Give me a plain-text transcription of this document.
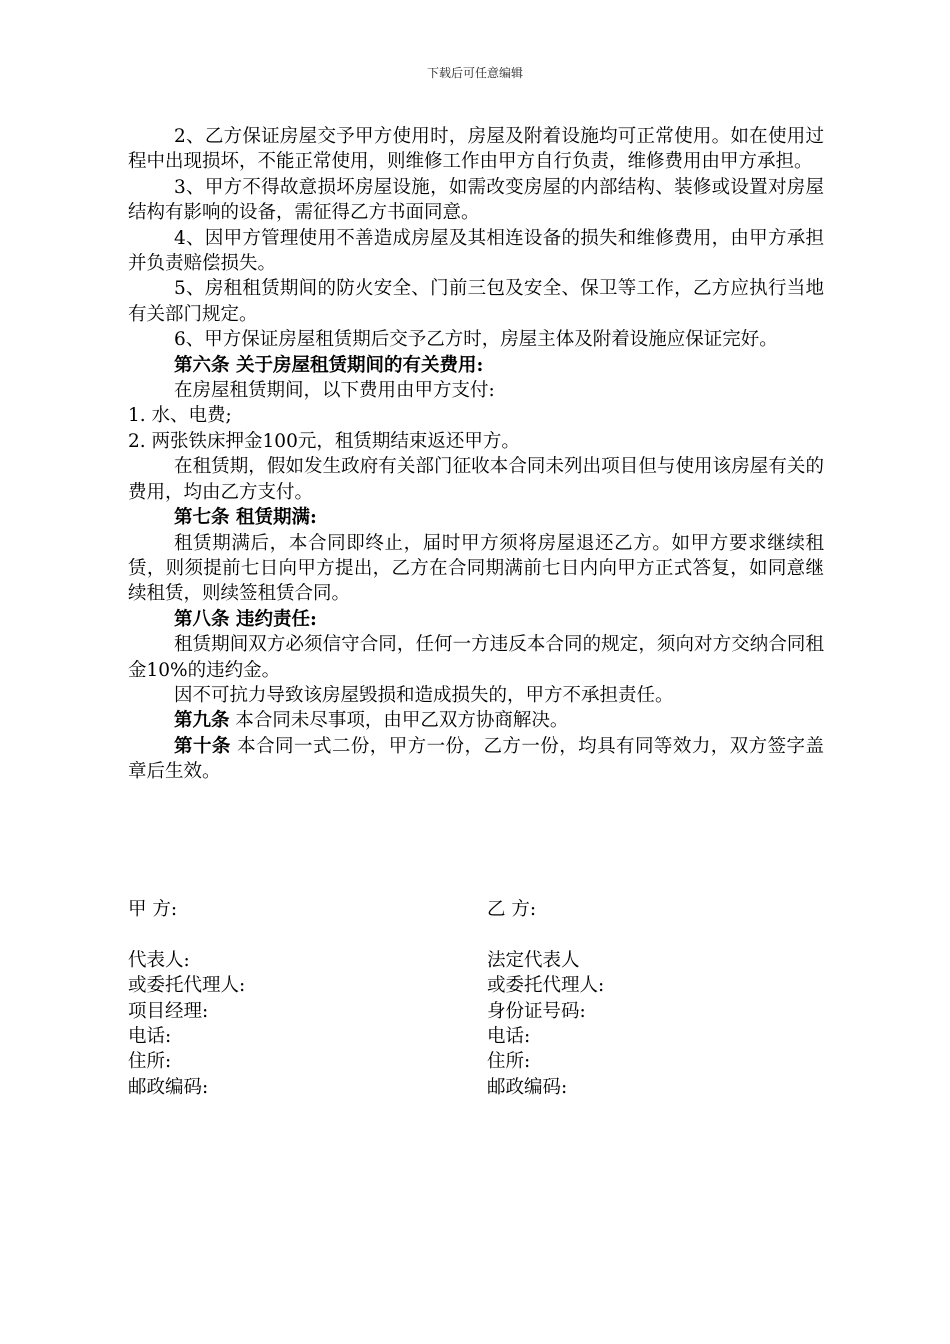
下载后可任意编辑

2、乙方保证房屋交予甲方使用时，房屋及附着设施均可正常使用。如在使用过程中出现损坏，不能正常使用，则维修工作由甲方自行负责，维修费用由甲方承担。

3、甲方不得故意损坏房屋设施，如需改变房屋的内部结构、装修或设置对房屋结构有影响的设备，需征得乙方书面同意。

4、因甲方管理使用不善造成房屋及其相连设备的损失和维修费用，由甲方承担并负责赔偿损失。

5、房租租赁期间的防火安全、门前三包及安全、保卫等工作，乙方应执行当地有关部门规定。

6、甲方保证房屋租赁期后交予乙方时，房屋主体及附着设施应保证完好。

第六条 关于房屋租赁期间的有关费用:

在房屋租赁期间，以下费用由甲方支付:

1. 水、电费;

2. 两张铁床押金100元，租赁期结束返还甲方。

在租赁期，假如发生政府有关部门征收本合同未列出项目但与使用该房屋有关的费用，均由乙方支付。

第七条 租赁期满:

租赁期满后，本合同即终止，届时甲方须将房屋退还乙方。如甲方要求继续租赁，则须提前七日向甲方提出，乙方在合同期满前七日内向甲方正式答复，如同意继续租赁，则续签租赁合同。

第八条 违约责任:

租赁期间双方必须信守合同，任何一方违反本合同的规定，须向对方交纳合同租金10%的违约金。

因不可抗力导致该房屋毁损和造成损失的，甲方不承担责任。

第九条 本合同未尽事项，由甲乙双方协商解决。

第十条 本合同一式二份，甲方一份，乙方一份，均具有同等效力，双方签字盖章后生效。

甲 方:
代表人:
或委托代理人:
项目经理:
电话:
住所:
邮政编码:
乙 方:
法定代表人
或委托代理人:
身份证号码:
电话:
住所:
邮政编码:
